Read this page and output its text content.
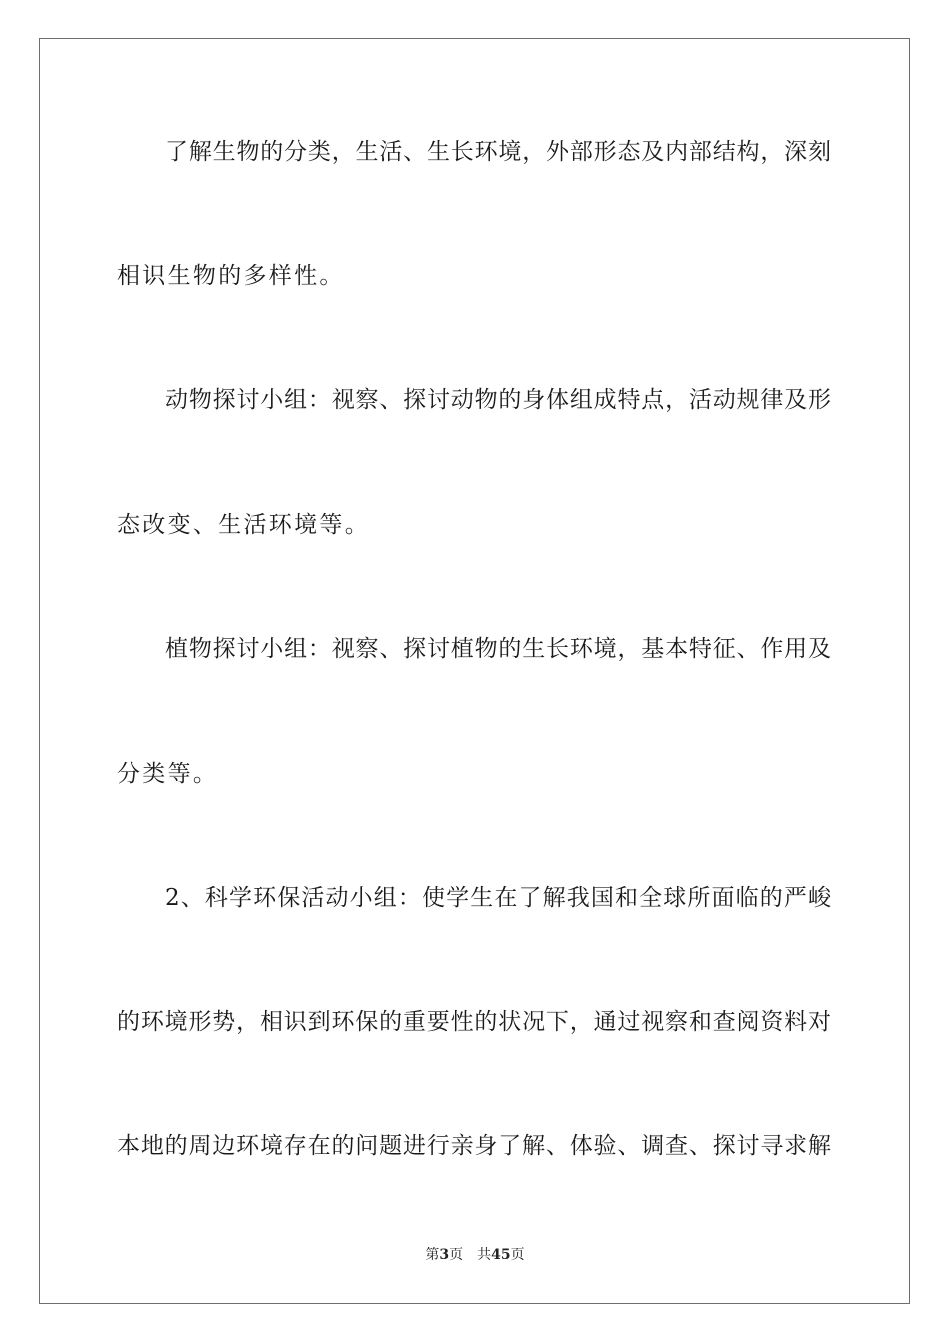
了解生物的分类，生活、生长环境，外部形态及内部结构，深刻
相识生物的多样性。
动物探讨小组：视察、探讨动物的身体组成特点，活动规律及形
态改变、生活环境等。
植物探讨小组：视察、探讨植物的生长环境，基本特征、作用及
分类等。
2、科学环保活动小组：使学生在了解我国和全球所面临的严峻
的环境形势，相识到环保的重要性的状况下，通过视察和查阅资料对
本地的周边环境存在的问题进行亲身了解、体验、调查、探讨寻求解
第3页 共45页
